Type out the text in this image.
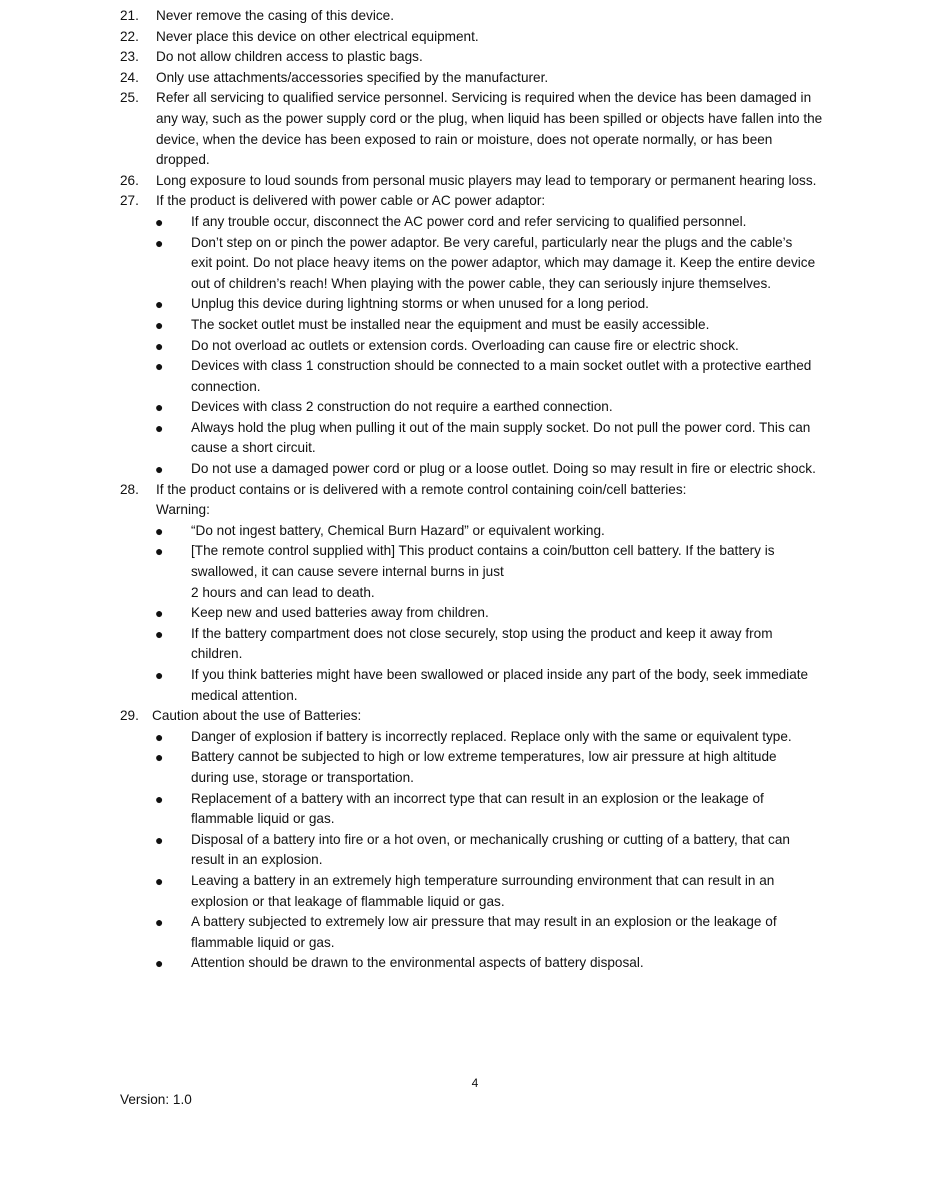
21. Never remove the casing of this device.
22. Never place this device on other electrical equipment.
23. Do not allow children access to plastic bags.
24. Only use attachments/accessories specified by the manufacturer.
25. Refer all servicing to qualified service personnel. Servicing is required when the device has been damaged in
any way, such as the power supply cord or the plug, when liquid has been spilled or objects have fallen into the
device, when the device has been exposed to rain or moisture, does not operate normally, or has been
dropped.
26. Long exposure to loud sounds from personal music players may lead to temporary or permanent hearing loss.
27. If the product is delivered with power cable or AC power adaptor:
● If any trouble occur, disconnect the AC power cord and refer servicing to qualified personnel.
● Don’t step on or pinch the power adaptor. Be very careful, particularly near the plugs and the cable’s
exit point. Do not place heavy items on the power adaptor, which may damage it. Keep the entire device
out of children’s reach! When playing with the power cable, they can seriously injure themselves.
● Unplug this device during lightning storms or when unused for a long period.
● The socket outlet must be installed near the equipment and must be easily accessible.
● Do not overload ac outlets or extension cords. Overloading can cause fire or electric shock.
● Devices with class 1 construction should be connected to a main socket outlet with a protective earthed
connection.
● Devices with class 2 construction do not require a earthed connection.
● Always hold the plug when pulling it out of the main supply socket. Do not pull the power cord. This can
cause a short circuit.
● Do not use a damaged power cord or plug or a loose outlet. Doing so may result in fire or electric shock.
28. If the product contains or is delivered with a remote control containing coin/cell batteries:
Warning:
● “Do not ingest battery, Chemical Burn Hazard” or equivalent working.
● [The remote control supplied with] This product contains a coin/button cell battery. If the battery is
swallowed, it can cause severe internal burns in just
2 hours and can lead to death.
● Keep new and used batteries away from children.
● If the battery compartment does not close securely, stop using the product and keep it away from
children.
● If you think batteries might have been swallowed or placed inside any part of the body, seek immediate
medical attention.
29. Caution about the use of Batteries:
● Danger of explosion if battery is incorrectly replaced. Replace only with the same or equivalent type.
● Battery cannot be subjected to high or low extreme temperatures, low air pressure at high altitude
during use, storage or transportation.
● Replacement of a battery with an incorrect type that can result in an explosion or the leakage of
flammable liquid or gas.
● Disposal of a battery into fire or a hot oven, or mechanically crushing or cutting of a battery, that can
result in an explosion.
● Leaving a battery in an extremely high temperature surrounding environment that can result in an
explosion or that leakage of flammable liquid or gas.
● A battery subjected to extremely low air pressure that may result in an explosion or the leakage of
flammable liquid or gas.
● Attention should be drawn to the environmental aspects of battery disposal.
4
Version: 1.0
